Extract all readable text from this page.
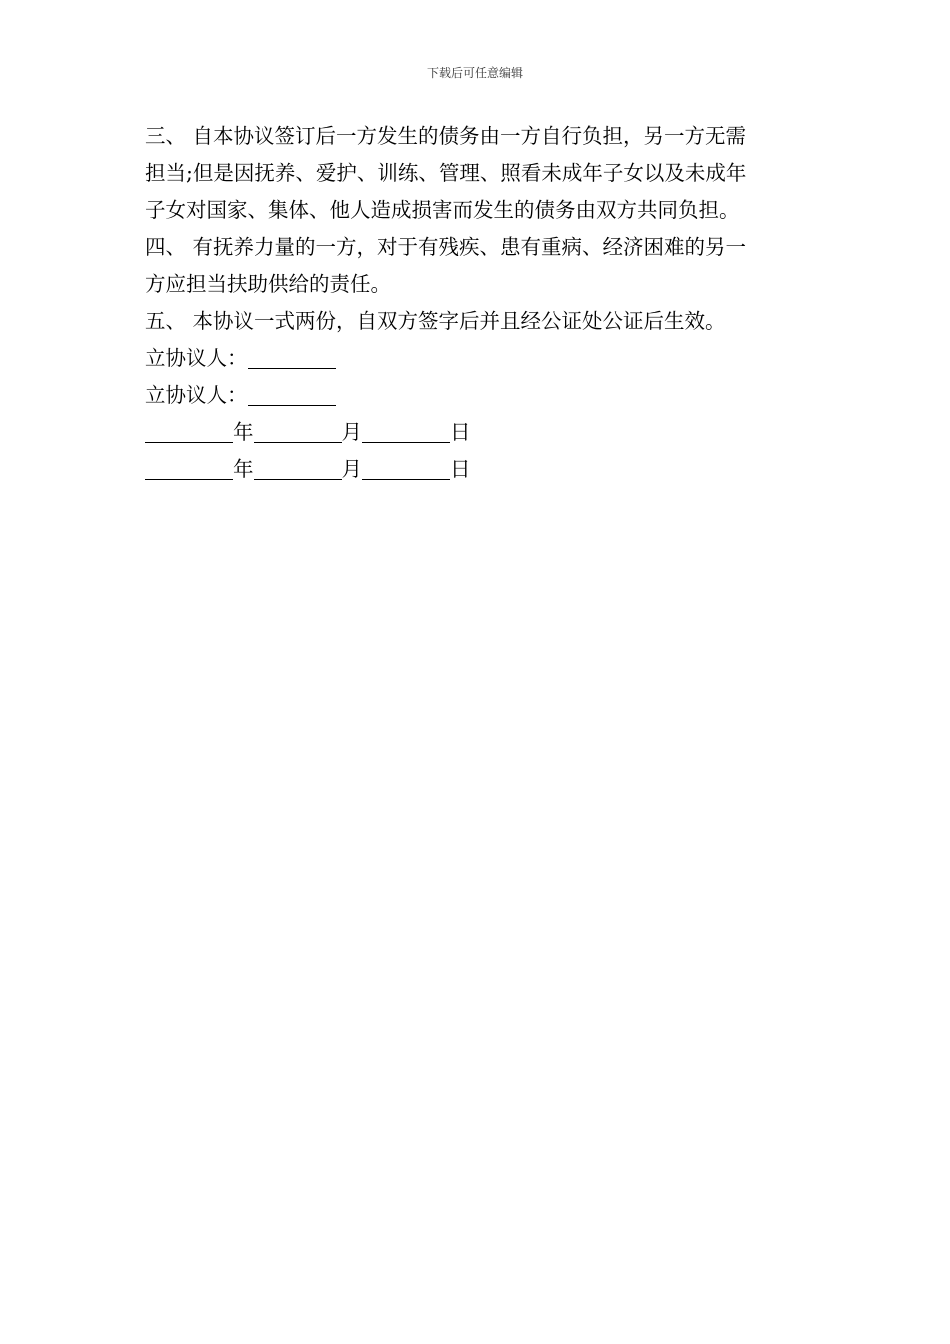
下载后可任意编辑
三、 自本协议签订后一方发生的债务由一方自行负担，另一方无需
担当;但是因抚养、爱护、训练、管理、照看未成年子女以及未成年
子女对国家、集体、他人造成损害而发生的债务由双方共同负担。
四、 有抚养力量的一方，对于有残疾、患有重病、经济困难的另一
方应担当扶助供给的责任。
五、 本协议一式两份，自双方签字后并且经公证处公证后生效。
立协议人：
立协议人：
年	月	日
年	月	日
